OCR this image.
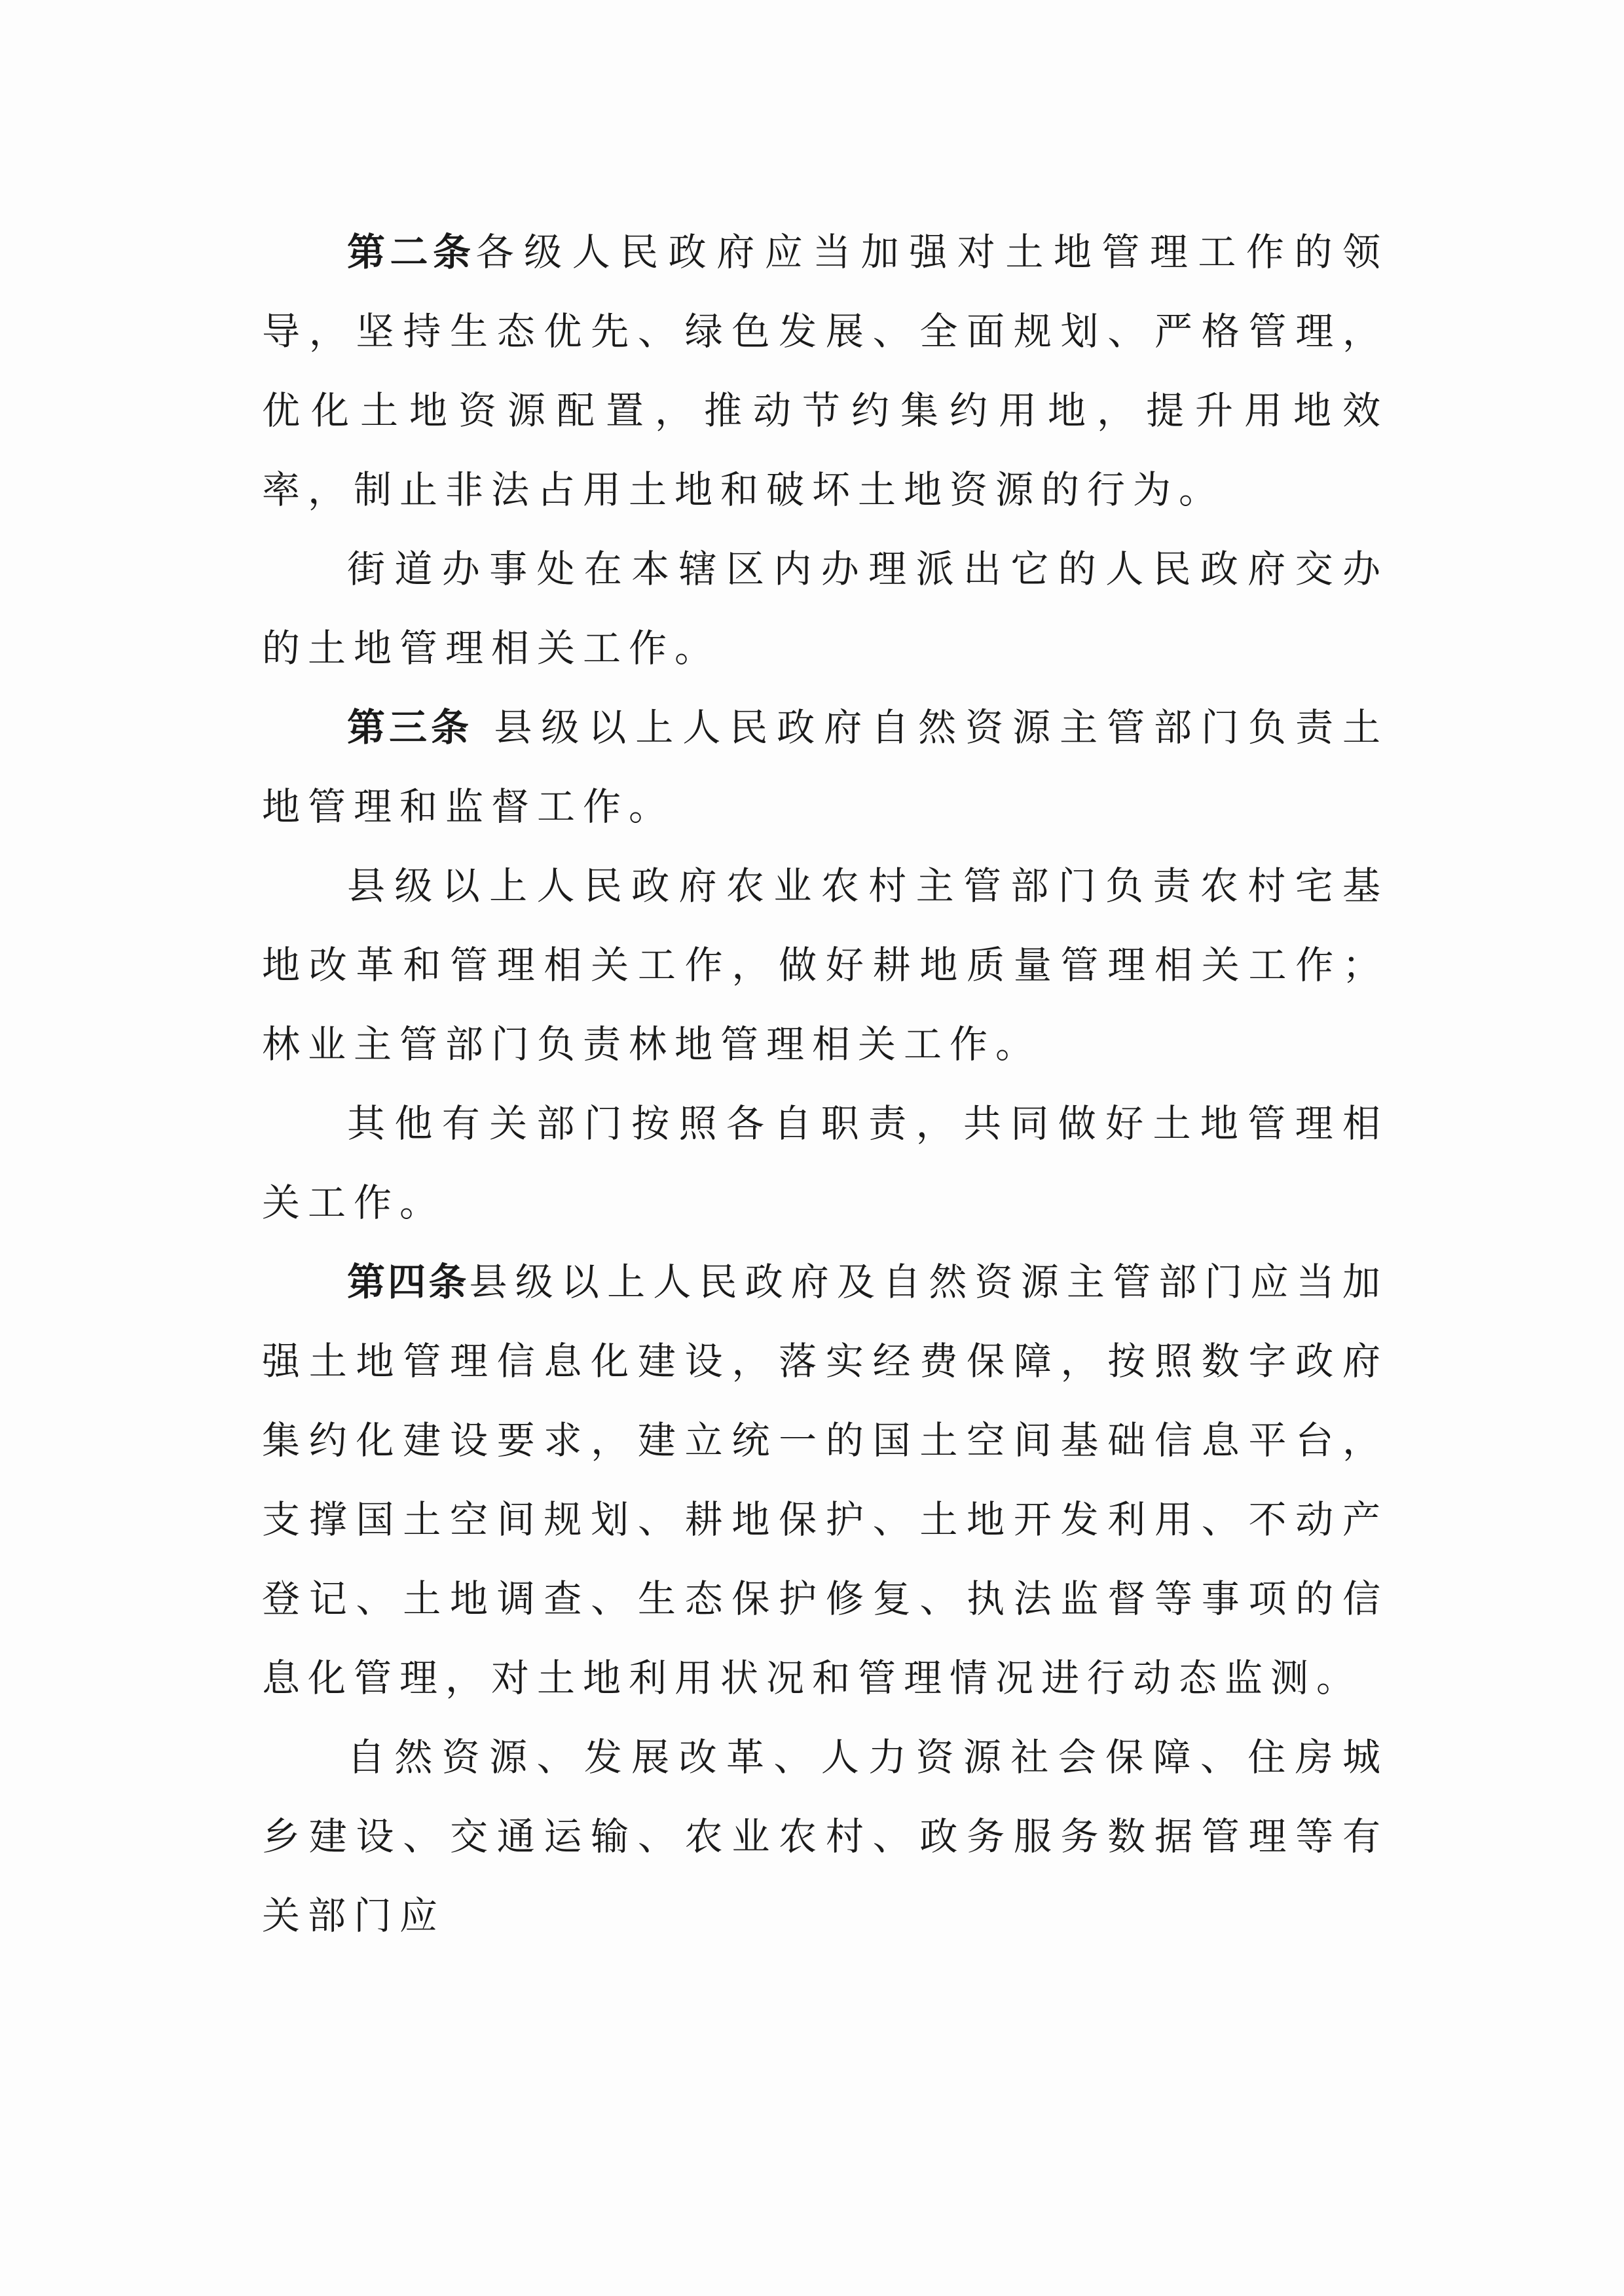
第二条各级人民政府应当加强对土地管理工作的领导，坚持生态优先、绿色发展、全面规划、严格管理，优化土地资源配置，推动节约集约用地，提升用地效率，制止非法占用土地和破坏土地资源的行为。

街道办事处在本辖区内办理派出它的人民政府交办的土地管理相关工作。

第三条 县级以上人民政府自然资源主管部门负责土地管理和监督工作。

县级以上人民政府农业农村主管部门负责农村宅基地改革和管理相关工作，做好耕地质量管理相关工作；林业主管部门负责林地管理相关工作。

其他有关部门按照各自职责，共同做好土地管理相关工作。

第四条县级以上人民政府及自然资源主管部门应当加强土地管理信息化建设，落实经费保障，按照数字政府集约化建设要求，建立统一的国土空间基础信息平台，支撑国土空间规划、耕地保护、土地开发利用、不动产登记、土地调查、生态保护修复、执法监督等事项的信息化管理，对土地利用状况和管理情况进行动态监测。

自然资源、发展改革、人力资源社会保障、住房城乡建设、交通运输、农业农村、政务服务数据管理等有关部门应
